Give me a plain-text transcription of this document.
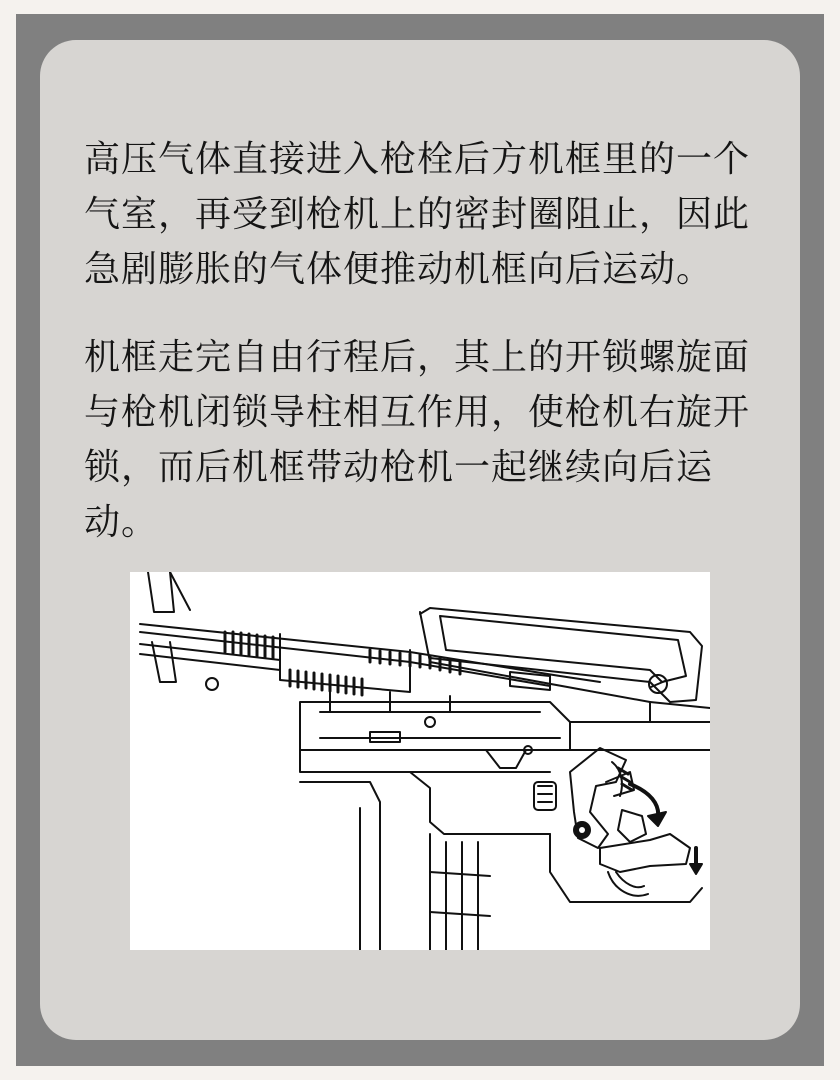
高压气体直接进入枪栓后方机框里的一个
气室，再受到枪机上的密封圈阻止，因此
急剧膨胀的气体便推动机框向后运动。

机框走完自由行程后，其上的开锁螺旋面
与枪机闭锁导柱相互作用，使枪机右旋开
锁，而后机框带动枪机一起继续向后运
动。
